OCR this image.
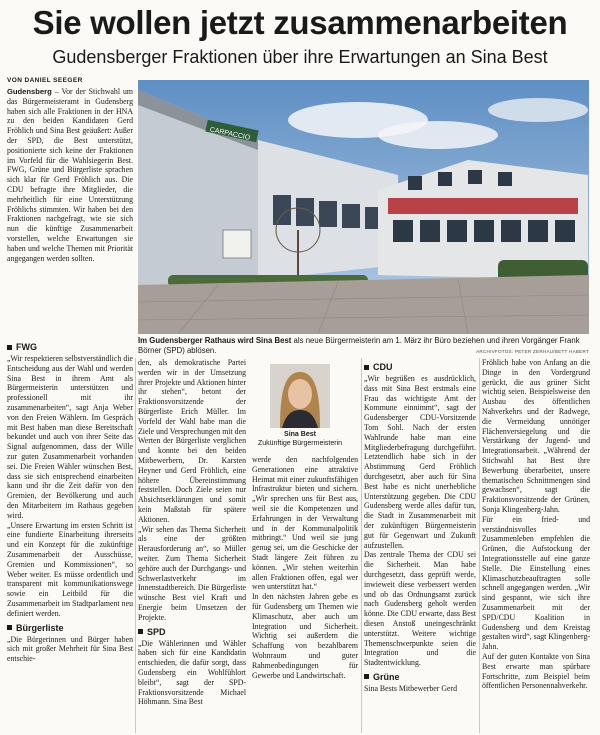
Sie wollen jetzt zusammenarbeiten
Gudensberger Fraktionen über ihre Erwartungen an Sina Best
VON DANIEL SEEGER

Gudensberg – Vor der Stichwahl um das Bürgermeisteramt in Gudensberg haben sich alle Fraktionen in der HNA zu den beiden Kandidaten Gerd Fröhlich und Sina Best geäußert: Außer der SPD, die Best unterstützt, positionierte sich keine der Fraktionen im Vorfeld für die Wahlsiegerin Best. FWG, Grüne und Bürgerliste sprachen sich klar für Gerd Fröhlich aus. Die CDU befragte ihre Mitglieder, die mehrheitlich für eine Unterstützung Fröhlichs stimmten. Wir haben bei den Fraktionen nachgefragt, wie sie sich nun die künftige Zusammenarbeit vorstellen, welche Erwartungen sie haben und welche Themen mit Priorität angegangen werden sollten.

FWG

„Wir respektieren selbstverständlich die Entscheidung aus der Wahl und werden Sina Best in ihrem Amt als Bürgermeisterin unterstützen und professionell mit ihr zusammenarbeiten“, sagt Anja Weber von den Freien Wählern. Im Gespräch mit Best haben man diese Bereitschaft bekundet und auch von ihrer Seite das Signal aufgenommen, dass der Wille zur guten Zusammenarbeit vorhanden sei. Die Freien Wähler wünschen Best, dass sie sich entsprechend einarbeiten kann und ihr die Zeit dafür von den Gremien, der Bevölkerung und auch den Mitarbeitern im Rathaus gegeben wird.

„Unsere Erwartung im ersten Schritt ist eine fundierte Einarbeitung ihrerseits und ein Konzept für die zukünftige Zusammenarbeit der Ausschüsse, Gremien und Kommissionen“, so Weber weiter. Es müsse ordentlich und transparent mit kommunikationswege sowie ein Leitbild für die Zusammenarbeit im Stadtparlament neu definiert werden.

Bürgerliste

„Die Bürgerinnen und Bürger haben sich mit großer Mehrheit für Sina Best entschie-

CARPACCIO
Im Gudensberger Rathaus wird Sina Best als neue Bürgermeisterin am 1. März ihr Büro beziehen und ihren Vorgänger Frank Börner (SPD) ablösen.	ARCHIVFOTOS: PETER ZERHAU/BETT HABERT

den, als demokratische Partei werden wir in der Umsetzung ihrer Projekte und Aktionen hinter ihr stehen“, betont der Fraktionsvorsitzende der Bürgerliste Erich Müller. Im Vorfeld der Wahl habe man die Ziele und Versprechungen mit den Werten der Bürgerliste verglichen und konnte bei den beiden Mitbewerbern, Dr. Karsten Heyner und Gerd Fröhlich, eine höhere Übereinstimmung feststellen. Doch Ziele seien nur Absichtserklärungen und somit kein Maßstab für spätere Aktionen.

„Wir sehen das Thema Sicherheit als eine der größten Herausforderung an“, so Müller weiter. Zum Thema Sicherheit gehöre auch der Durchgangs- und Schwerlastverkehr im Innenstadtbereich. Die Bürgerliste wünsche Best viel Kraft und Energie beim Umsetzen der Projekte.

SPD

„Die Wählerinnen und Wähler haben sich für eine Kandidatin entschieden, die dafür sorgt, dass Gudensberg ein Wohlfühlort bleibt“, sagt der SPD-Fraktionsvorsitzende Michael Höhmann. Sina Best

Sina Best
Zukünftige Bürgermeisterin

werde den nachfolgenden Generationen eine attraktive Heimat mit einer zukunftsfähigen Infrastruktur bieten und sichern. „Wir sprechen uns für Best aus, weil sie die Kompetenzen und Erfahrungen in der Verwaltung und in der Kommunalpolitik mitbringt.“ Und weil sie jung genug sei, um die Geschicke der Stadt längere Zeit führen zu können. „Wir stehen weiterhin allen Fraktionen offen, egal wer wen unterstützt hat.“

In den nächsten Jahren gebe es für Gudensberg um Themen wie Klimaschutz, aber auch um Integration und Sicherheit. Wichtig sei außerdem die Schaffung von bezahlbarem Wohnraum und guter Rahmenbedingungen für Gewerbe und Landwirtschaft.

CDU

„Wir begrüßen es ausdrücklich, dass mit Sina Best erstmals eine Frau das wichtigste Amt der Kommune einnimmt“, sagt der Gudensberger CDU-Vorsitzende Tom Sohl. Nach der ersten Wahlrunde habe man eine Mitgliederbefragung durchgeführt. Letztendlich habe sich in der Abstimmung Gerd Fröhlich durchgesetzt, aber auch für Sina Best habe es nicht unerhebliche Unterstützung gegeben. Die CDU Gudensberg werde alles dafür tun, die Stadt in Zusammenarbeit mit der zukünftigen Bürgermeisterin gut für Gegenwart und Zukunft aufzustellen.

Das zentrale Thema der CDU sei die Sicherheit. Man habe durchgesetzt, dass geprüft werde, inwieweit diese verbessert werden und ob das Ordnungsamt zurück nach Gudensberg geholt werden könne. Die CDU erwarte, dass Best diesen Anstoß uneingeschränkt unterstützt. Weitere wichtige Themenschwerpunkte seien die Integration und die Stadtentwicklung.

Grüne

Sina Bests Mitbewerber Gerd

Fröhlich habe von Anfang an die Dinge in den Vordergrund gerückt, die aus grüner Sicht wichtig seien. Beispielsweise den Ausbau des öffentlichen Nahverkehrs und der Radwege, die Vermeidung unnötiger Flächenversiegelung und die Verstärkung der Jugend- und Integrationsarbeit. „Während der Stichwahl hat Best ihre Bewerbung überarbeitet, unsere thematischen Schnittmengen sind gewachsen“, sagt die Fraktionsvorsitzende der Grünen, Sonja Klingenberg-Jahn.

Für ein fried- und verständnisvolles Zusammenleben empfehlen die Grünen, die Aufstockung der Integrationsstelle auf eine ganze Stelle. Die Einstellung eines Klimaschutzbeauftragten solle schnell angegangen werden. „Wir sind gespannt, wie sich ihre Zusammenarbeit mit der SPD/CDU Koalition in Gudensberg und dem Kreistag gestalten wird“, sagt Klingenberg-Jahn.

Auf der guten Kontakte von Sina Best erwarte man spürbare Fortschritte, zum Beispiel beim öffentlichen Personennahverkehr.
